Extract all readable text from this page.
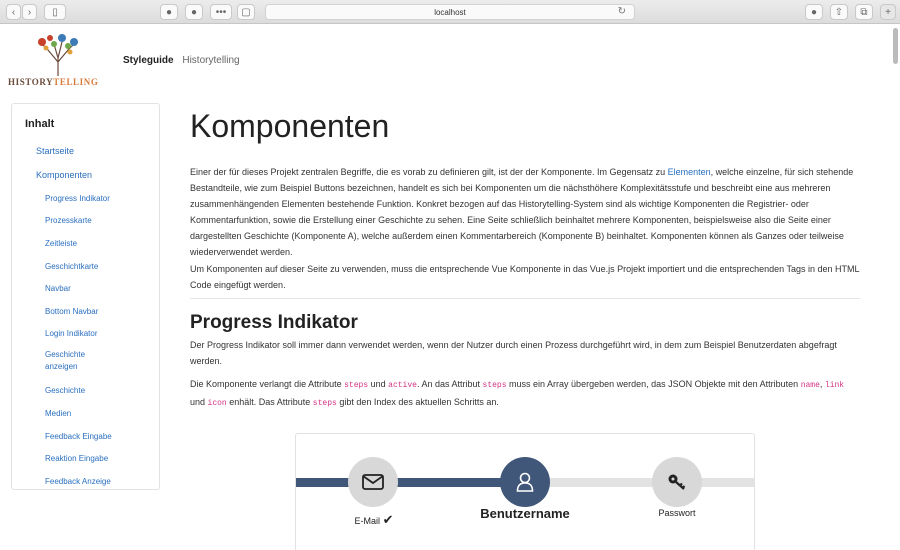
‹	›	▯	●	●	•••	▢	localhost	↻	●	⇧	⧉	+
HISTORYTELLING
Styleguide Historytelling
Inhalt
Startseite
Komponenten
Progress Indikator
Prozesskarte
Zeitleiste
Geschichtkarte
Navbar
Bottom Navbar
Login Indikator
Geschichte anzeigen
Geschichte
Medien
Feedback Eingabe
Reaktion Eingabe
Feedback Anzeige
Komponenten
Einer der für dieses Projekt zentralen Begriffe, die es vorab zu definieren gilt, ist der der Komponente. Im Gegensatz zu Elementen, welche einzelne, für sich stehende Bestandteile, wie zum Beispiel Buttons bezeichnen, handelt es sich bei Komponenten um die nächsthöhere Komplexitätsstufe und beschreibt eine aus mehreren zusammenhängenden Elementen bestehende Funktion. Konkret bezogen auf das Historytelling-System sind als wichtige Komponenten die Registrier- oder Kommentarfunktion, sowie die Erstellung einer Geschichte zu sehen. Eine Seite schließlich beinhaltet mehrere Komponenten, beispielsweise also die Seite einer dargestellten Geschichte (Komponente A), welche außerdem einen Kommentarbereich (Komponente B) beinhaltet. Komponenten können als Ganzes oder teilweise wiederverwendet werden.
Um Komponenten auf dieser Seite zu verwenden, muss die entsprechende Vue Komponente in das Vue.js Projekt importiert und die entsprechenden Tags in den HTML Code eingefügt werden.
Progress Indikator
Der Progress Indikator soll immer dann verwendet werden, wenn der Nutzer durch einen Prozess durchgeführt wird, in dem zum Beispiel Benutzerdaten abgefragt werden.
Die Komponente verlangt die Attribute steps und active. An das Attribut steps muss ein Array übergeben werden, das JSON Objekte mit den Attributen name, link und icon enhält. Das Attribute steps gibt den Index des aktuellen Schritts an.
E-Mail ✔	Benutzername	Passwort
